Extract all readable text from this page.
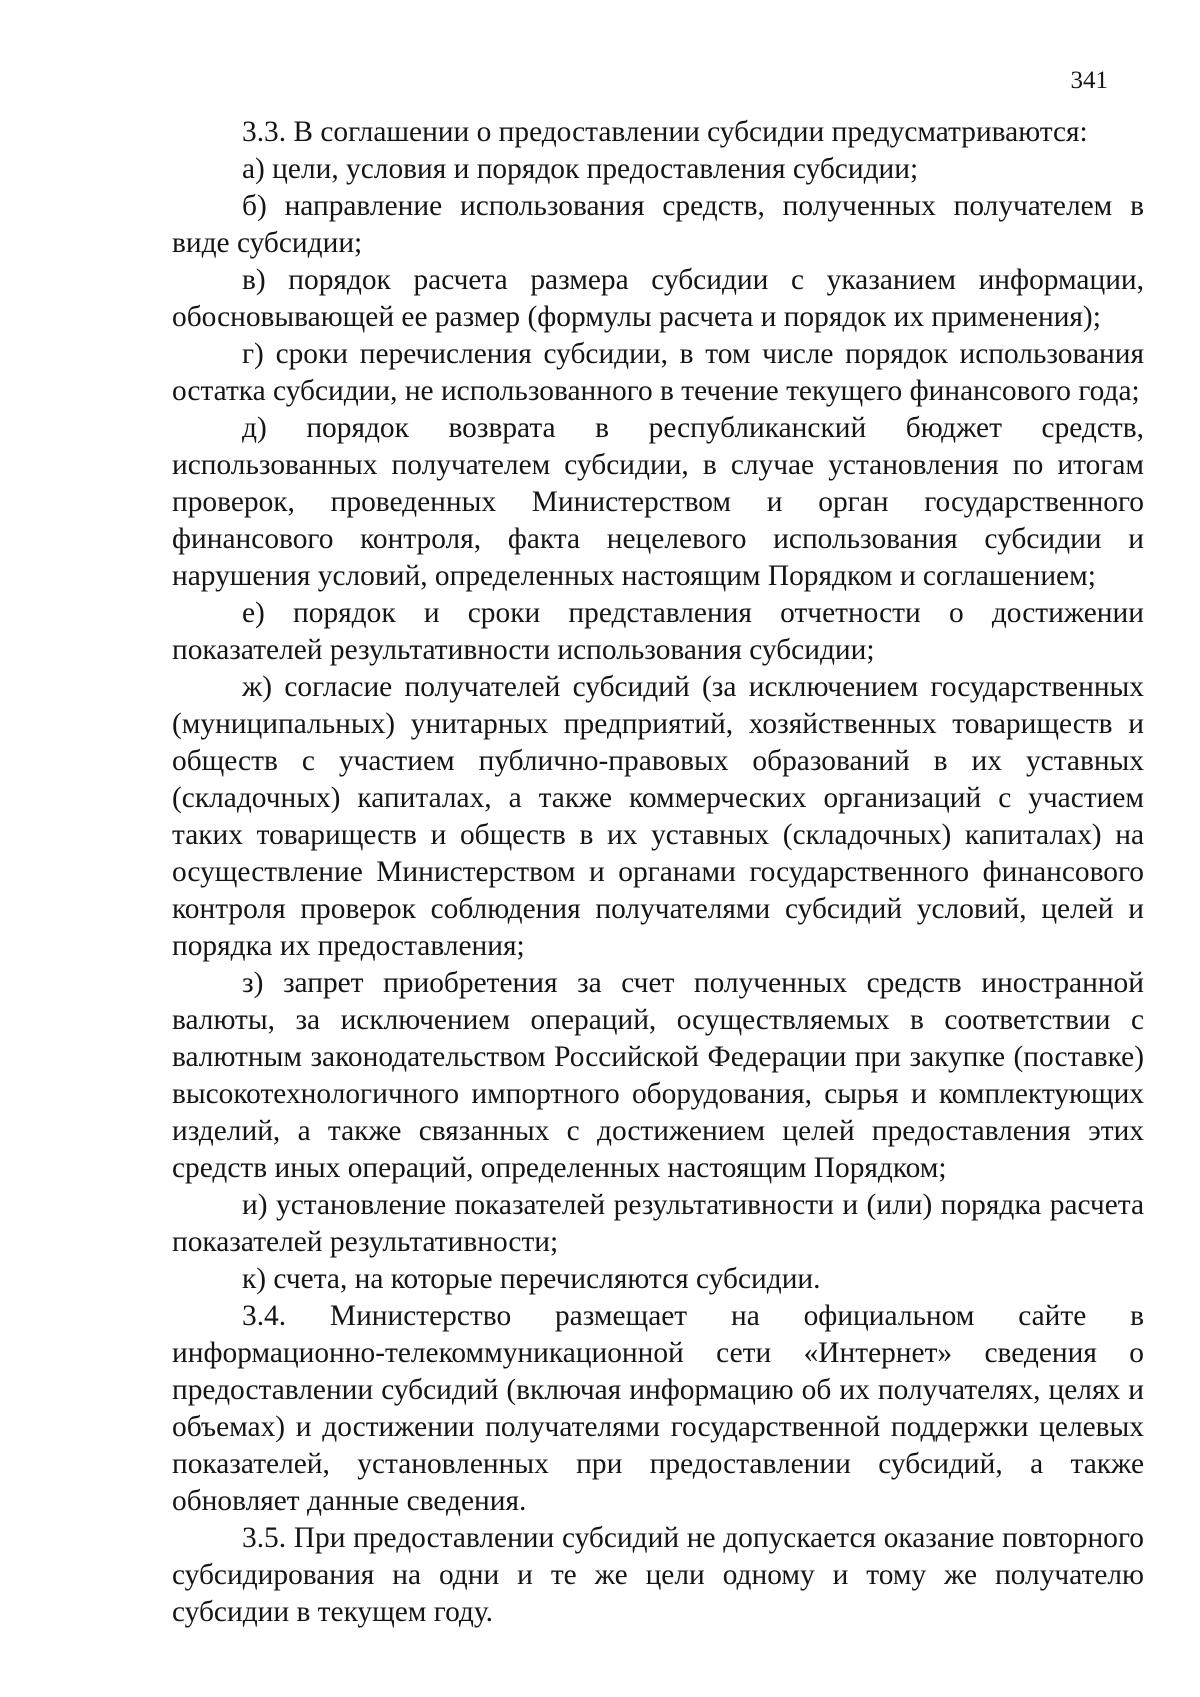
341

3.3. В соглашении о предоставлении субсидии предусматриваются:

а) цели, условия и порядок предоставления субсидии;

б) направление использования средств, полученных получателем в виде субсидии;

в) порядок расчета размера субсидии с указанием информации, обосновывающей ее размер (формулы расчета и порядок их применения);

г) сроки перечисления субсидии, в том числе порядок использования остатка субсидии, не использованного в течение текущего финансового года;

д) порядок возврата в республиканский бюджет средств, использованных получателем субсидии, в случае установления по итогам проверок, проведенных Министерством и орган государственного финансового контроля, факта нецелевого использования субсидии и нарушения условий, определенных настоящим Порядком и соглашением;

е) порядок и сроки представления отчетности о достижении показателей результативности использования субсидии;

ж) согласие получателей субсидий (за исключением государственных (муниципальных) унитарных предприятий, хозяйственных товариществ и обществ с участием публично-правовых образований в их уставных (складочных) капиталах, а также коммерческих организаций с участием таких товариществ и обществ в их уставных (складочных) капиталах) на осуществление Министерством и органами государственного финансового контроля проверок соблюдения получателями субсидий условий, целей и порядка их предоставления;

з) запрет приобретения за счет полученных средств иностранной валюты, за исключением операций, осуществляемых в соответствии с валютным законодательством Российской Федерации при закупке (поставке) высокотехнологичного импортного оборудования, сырья и комплектующих изделий, а также связанных с достижением целей предоставления этих средств иных операций, определенных настоящим Порядком;

и) установление показателей результативности и (или) порядка расчета показателей результативности;

к) счета, на которые перечисляются субсидии.

3.4. Министерство размещает на официальном сайте в информационно-телекоммуникационной сети «Интернет» сведения о предоставлении субсидий (включая информацию об их получателях, целях и объемах) и достижении получателями государственной поддержки целевых показателей, установленных при предоставлении субсидий, а также обновляет данные сведения.

3.5. При предоставлении субсидий не допускается оказание повторного субсидирования на одни и те же цели одному и тому же получателю субсидии в текущем году.
